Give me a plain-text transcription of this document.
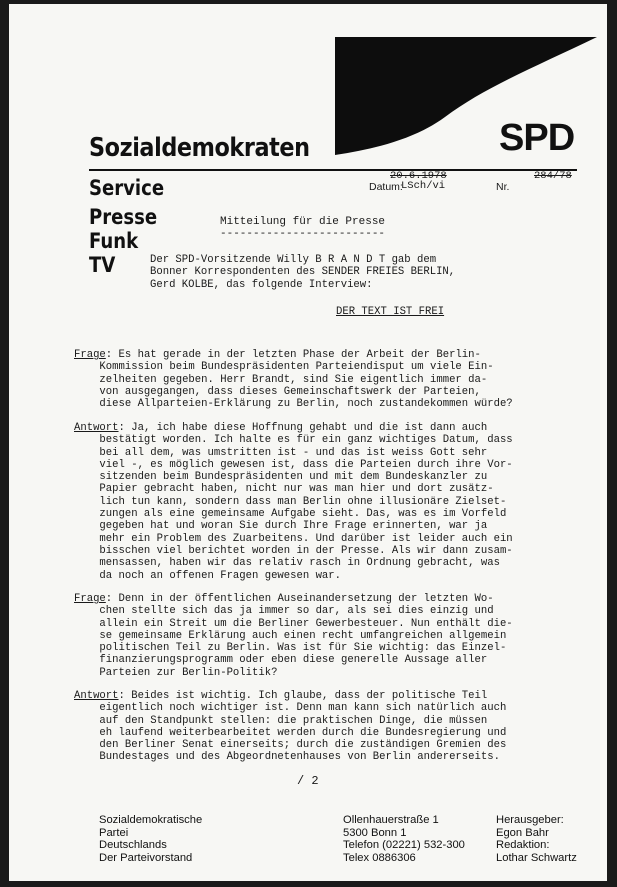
SPD
Sozialdemokraten
Service
Presse
Funk
TV
20.6.1978	284/78
Datum:
LSch/vi	Nr.
Mitteilung für die Presse
-------------------------
Der SPD-Vorsitzende Willy B R A N D T gab dem
Bonner Korrespondenten des SENDER FREIES BERLIN,
Gerd KOLBE, das folgende Interview:
DER TEXT IST FREI
Frage: Es hat gerade in der letzten Phase der Arbeit der Berlin-
Kommission beim Bundespräsidenten Parteiendisput um viele Ein-
zelheiten gegeben. Herr Brandt, sind Sie eigentlich immer da-
von ausgegangen, dass dieses Gemeinschaftswerk der Parteien,
diese Allparteien-Erklärung zu Berlin, noch zustandekommen würde?
Antwort: Ja, ich habe diese Hoffnung gehabt und die ist dann auch
bestätigt worden. Ich halte es für ein ganz wichtiges Datum, dass
bei all dem, was umstritten ist - und das ist weiss Gott sehr
viel -, es möglich gewesen ist, dass die Parteien durch ihre Vor-
sitzenden beim Bundespräsidenten und mit dem Bundeskanzler zu
Papier gebracht haben, nicht nur was man hier und dort zusätz-
lich tun kann, sondern dass man Berlin ohne illusionäre Zielset-
zungen als eine gemeinsame Aufgabe sieht. Das, was es im Vorfeld
gegeben hat und woran Sie durch Ihre Frage erinnerten, war ja
mehr ein Problem des Zuarbeitens. Und darüber ist leider auch ein
bisschen viel berichtet worden in der Presse. Als wir dann zusam-
mensassen, haben wir das relativ rasch in Ordnung gebracht, was
da noch an offenen Fragen gewesen war.
Frage: Denn in der öffentlichen Auseinandersetzung der letzten Wo-
chen stellte sich das ja immer so dar, als sei dies einzig und
allein ein Streit um die Berliner Gewerbesteuer. Nun enthält die-
se gemeinsame Erklärung auch einen recht umfangreichen allgemein
politischen Teil zu Berlin. Was ist für Sie wichtig: das Einzel-
finanzierungsprogramm oder eben diese generelle Aussage aller
Parteien zur Berlin-Politik?
Antwort: Beides ist wichtig. Ich glaube, dass der politische Teil
eigentlich noch wichtiger ist. Denn man kann sich natürlich auch
auf den Standpunkt stellen: die praktischen Dinge, die müssen
eh laufend weiterbearbeitet werden durch die Bundesregierung und
den Berliner Senat einerseits; durch die zuständigen Gremien des
Bundestages und des Abgeordnetenhauses von Berlin andererseits.
/ 2
Sozialdemokratische
Partei
Deutschlands
Der Parteivorstand
Ollenhauerstraße 1
5300 Bonn 1
Telefon (02221) 532-300
Telex 0886306
Herausgeber:
Egon Bahr
Redaktion:
Lothar Schwartz
